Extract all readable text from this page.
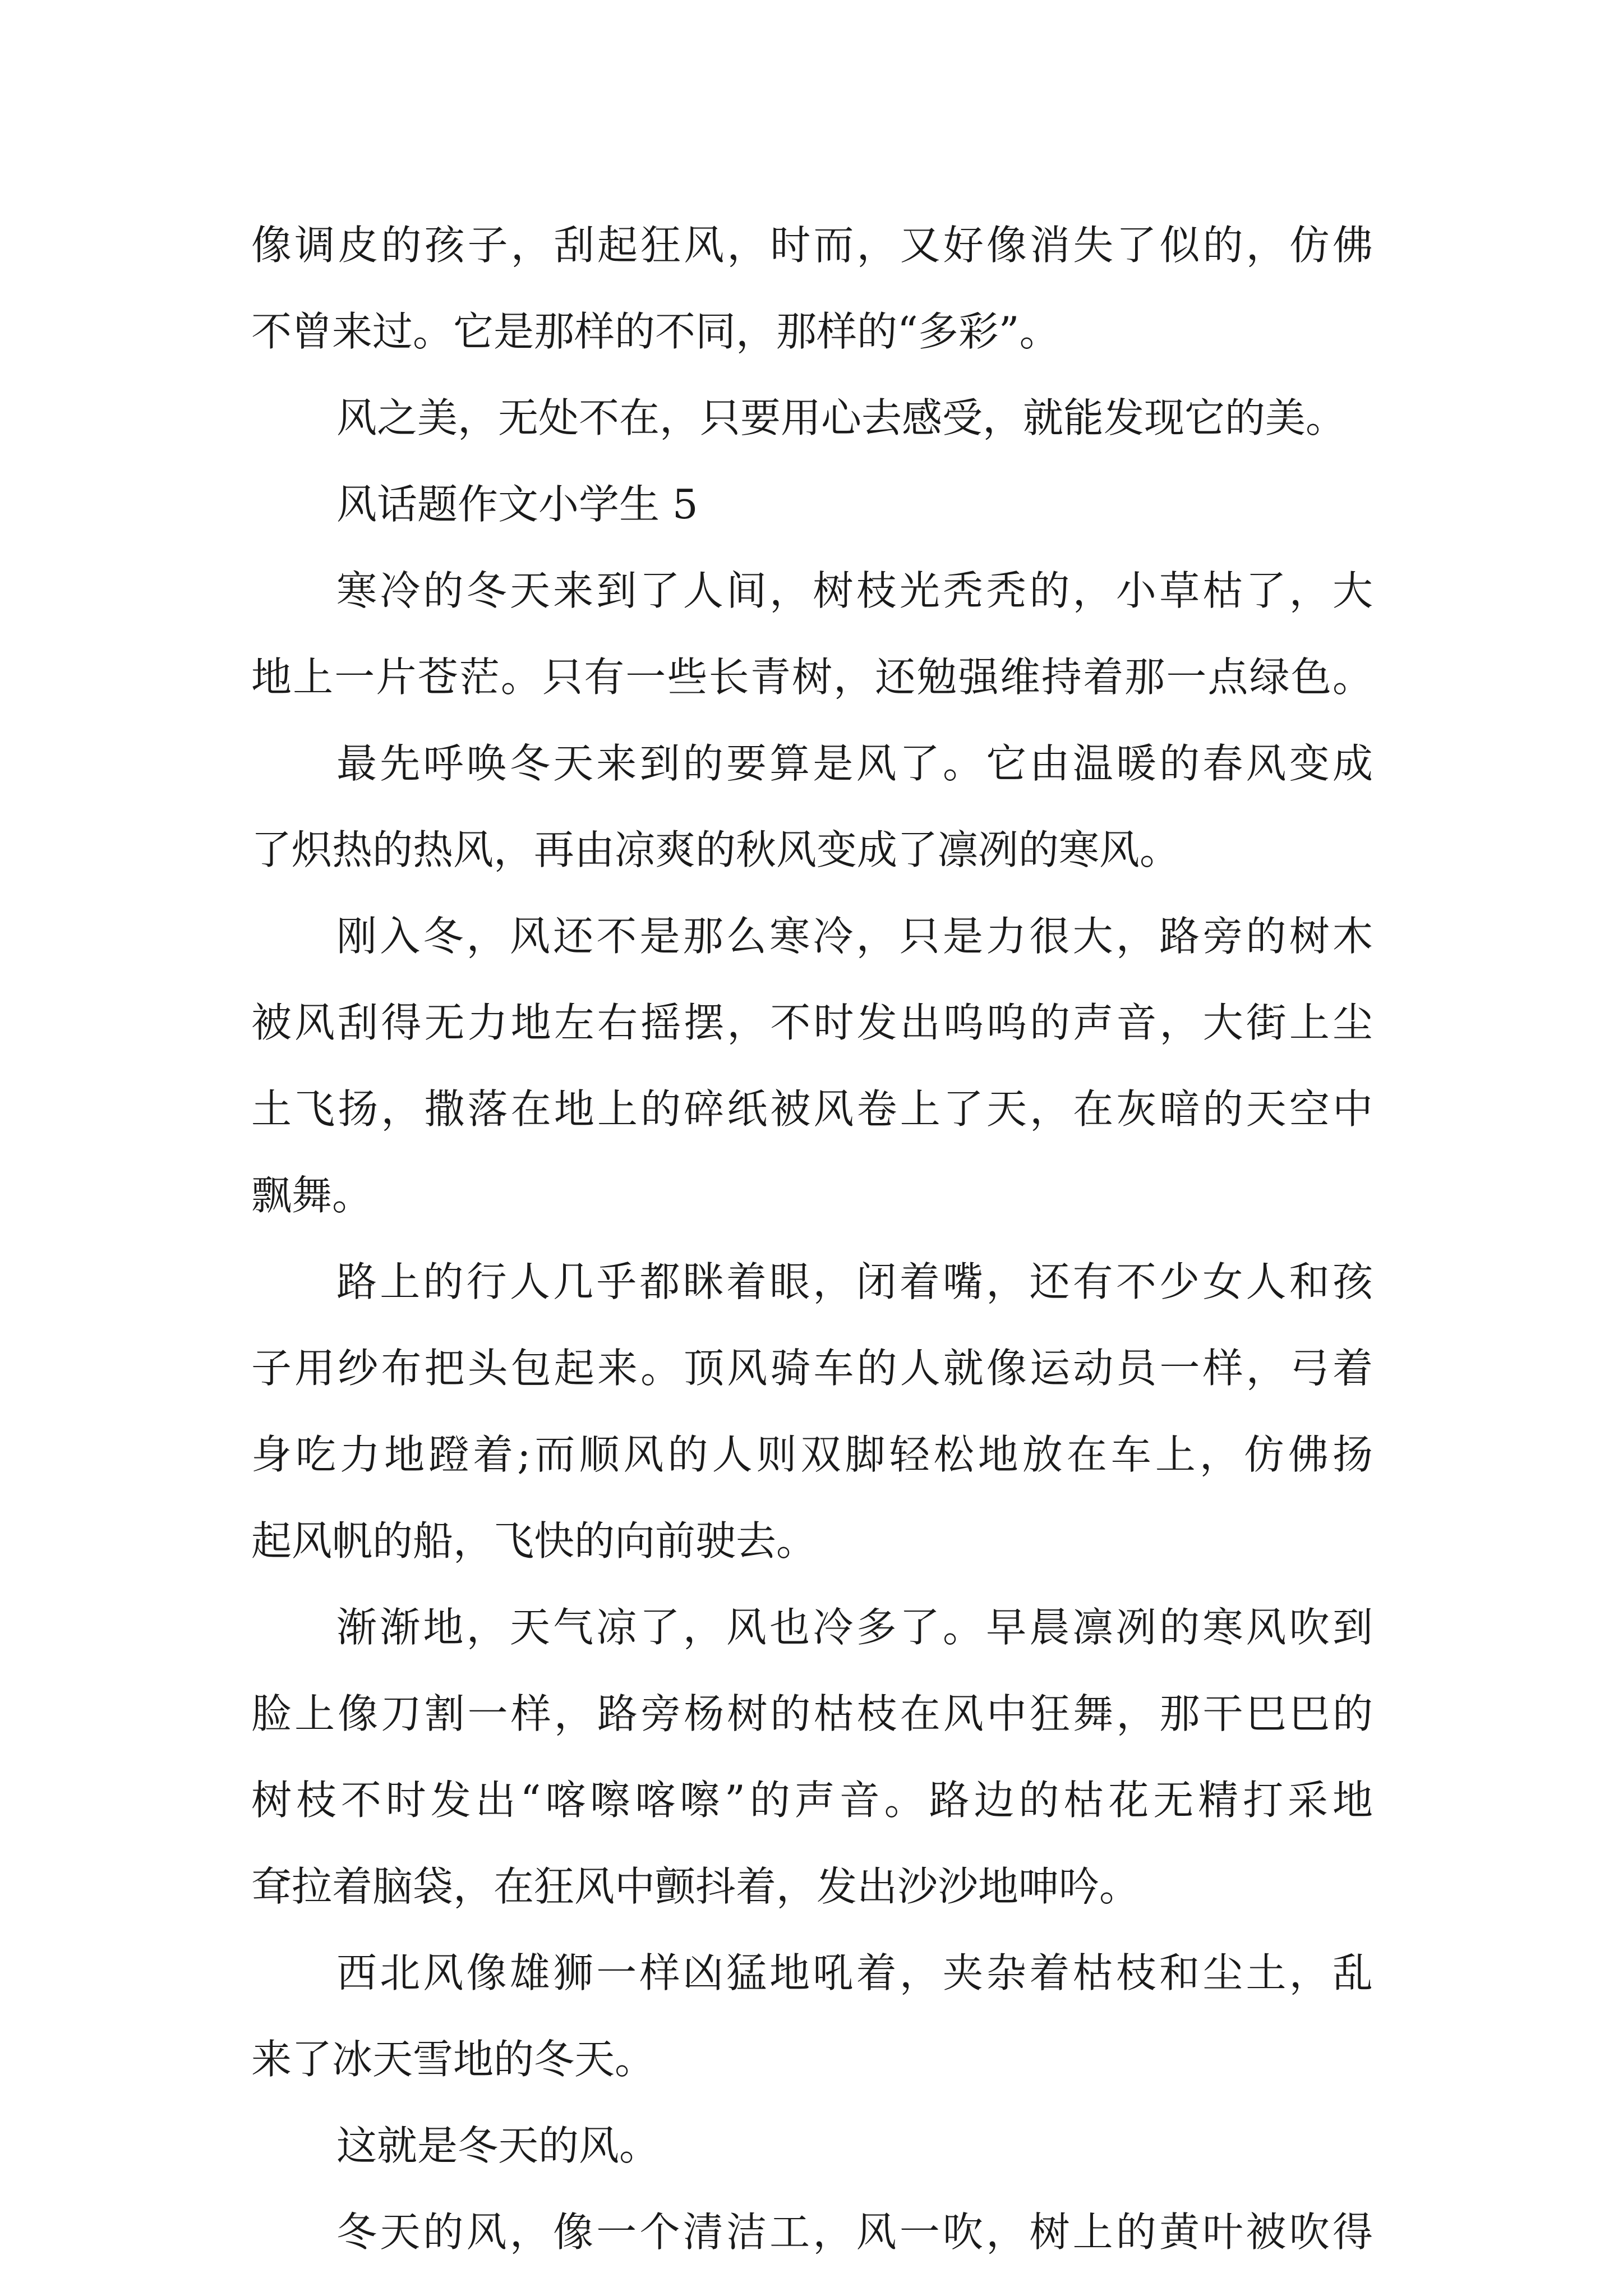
像调皮的孩子，刮起狂风，时而，又好像消失了似的，仿佛
不曾来过。它是那样的不同，那样的“多彩”。
风之美，无处不在，只要用心去感受，就能发现它的美。
风话题作文小学生 5
寒冷的冬天来到了人间，树枝光秃秃的，小草枯了，大
地上一片苍茫。只有一些长青树，还勉强维持着那一点绿色。
最先呼唤冬天来到的要算是风了。它由温暖的春风变成
了炽热的热风，再由凉爽的秋风变成了凛冽的寒风。
刚入冬，风还不是那么寒冷，只是力很大，路旁的树木
被风刮得无力地左右摇摆，不时发出呜呜的声音，大街上尘
土飞扬，撒落在地上的碎纸被风卷上了天，在灰暗的天空中
飘舞。
路上的行人几乎都眯着眼，闭着嘴，还有不少女人和孩
子用纱布把头包起来。顶风骑车的人就像运动员一样，弓着
身吃力地蹬着;而顺风的人则双脚轻松地放在车上，仿佛扬
起风帆的船，飞快的向前驶去。
渐渐地，天气凉了，风也冷多了。早晨凛冽的寒风吹到
脸上像刀割一样，路旁杨树的枯枝在风中狂舞，那干巴巴的
树枝不时发出“喀嚓喀嚓”的声音。路边的枯花无精打采地
耷拉着脑袋，在狂风中颤抖着，发出沙沙地呻吟。
西北风像雄狮一样凶猛地吼着，夹杂着枯枝和尘土，乱
来了冰天雪地的冬天。
这就是冬天的风。
冬天的风，像一个清洁工，风一吹，树上的黄叶被吹得
